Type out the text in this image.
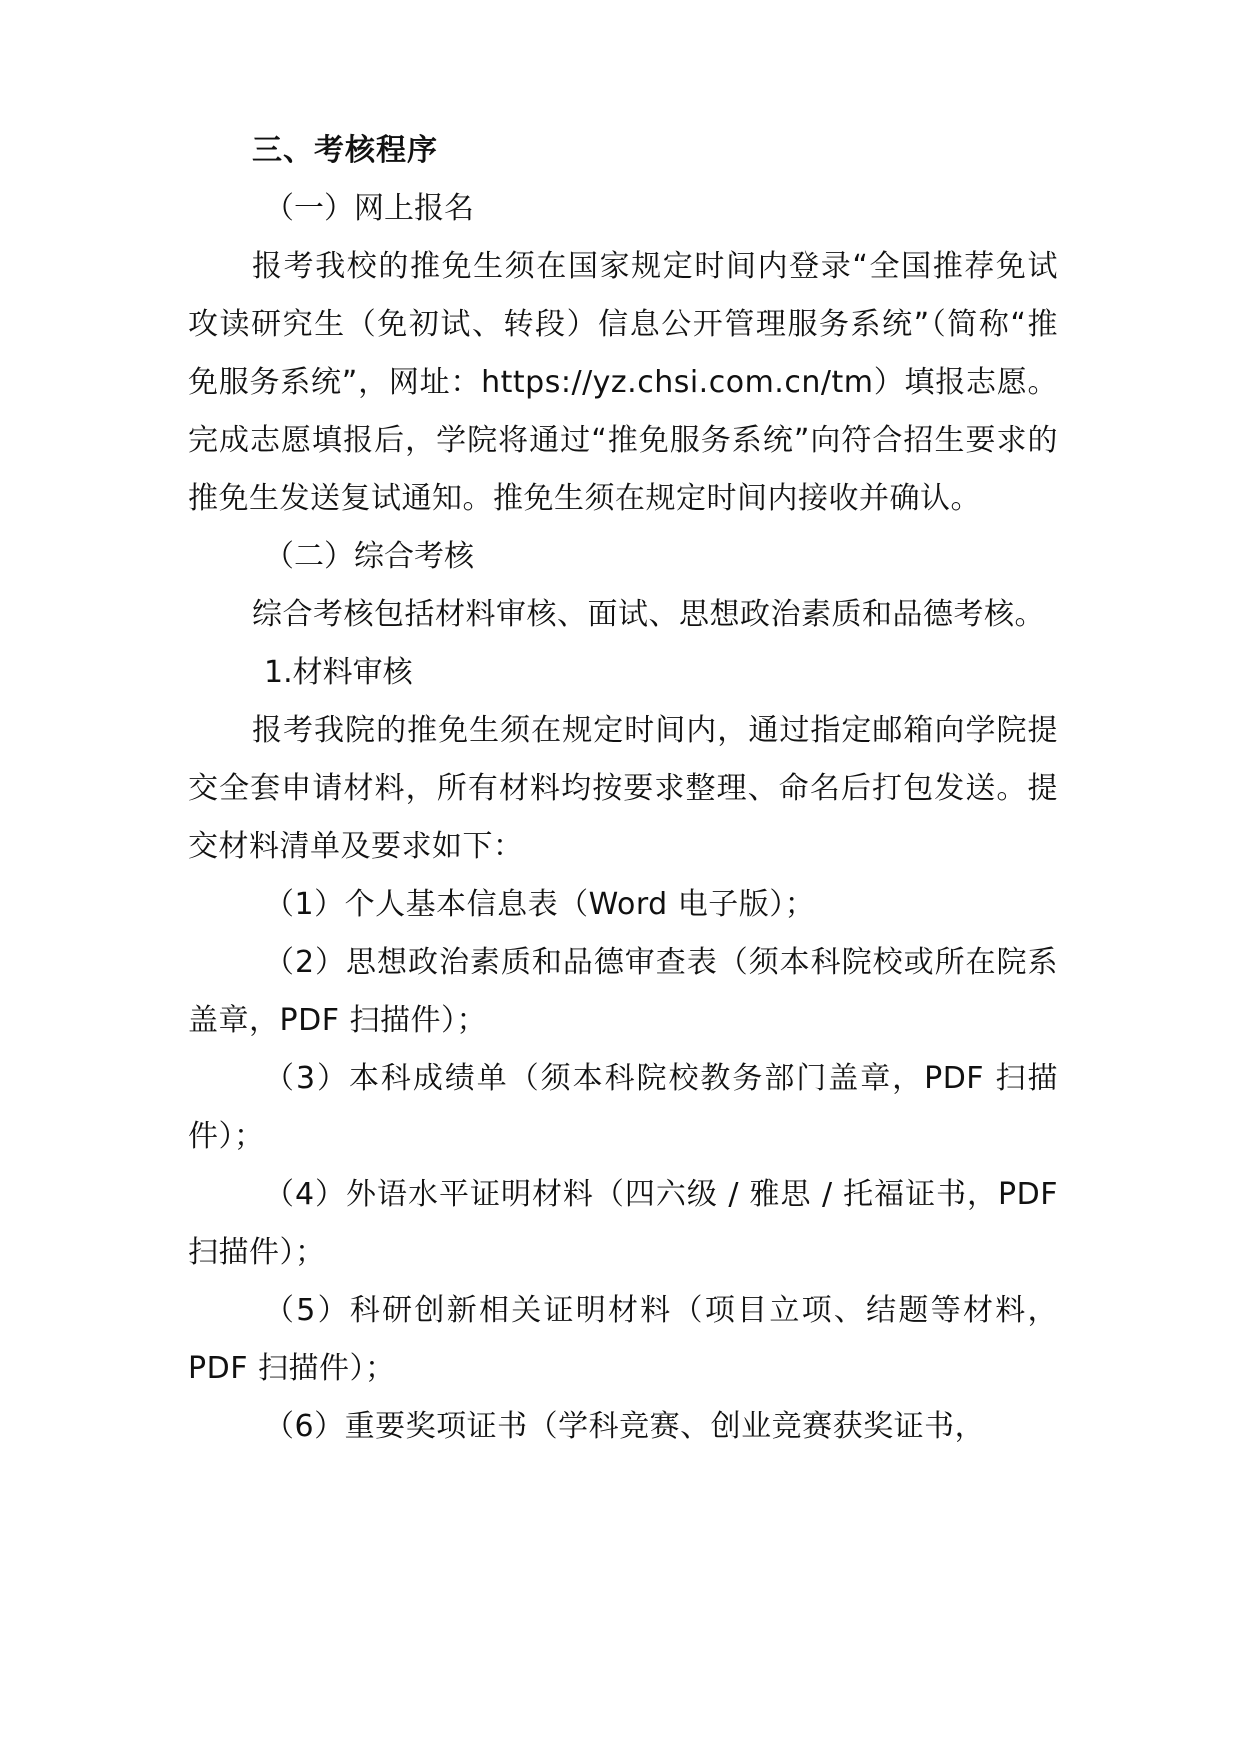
三、考核程序

（一）网上报名

报考我校的推免生须在国家规定时间内登录“全国推荐免试攻读研究生（免初试、转段）信息公开管理服务系统”（简称“推免服务系统”，网址：https://yz.chsi.com.cn/tm）填报志愿。完成志愿填报后，学院将通过“推免服务系统”向符合招生要求的推免生发送复试通知。推免生须在规定时间内接收并确认。

（二）综合考核

综合考核包括材料审核、面试、思想政治素质和品德考核。

1.材料审核

报考我院的推免生须在规定时间内，通过指定邮箱向学院提交全套申请材料，所有材料均按要求整理、命名后打包发送。提交材料清单及要求如下：

（1）个人基本信息表（Word 电子版）；

（2）思想政治素质和品德审查表（须本科院校或所在院系盖章，PDF 扫描件）；

（3）本科成绩单（须本科院校教务部门盖章，PDF 扫描件）；

（4）外语水平证明材料（四六级 / 雅思 / 托福证书，PDF 扫描件）；

（5）科研创新相关证明材料（项目立项、结题等材料，PDF 扫描件）；

（6）重要奖项证书（学科竞赛、创业竞赛获奖证书，
